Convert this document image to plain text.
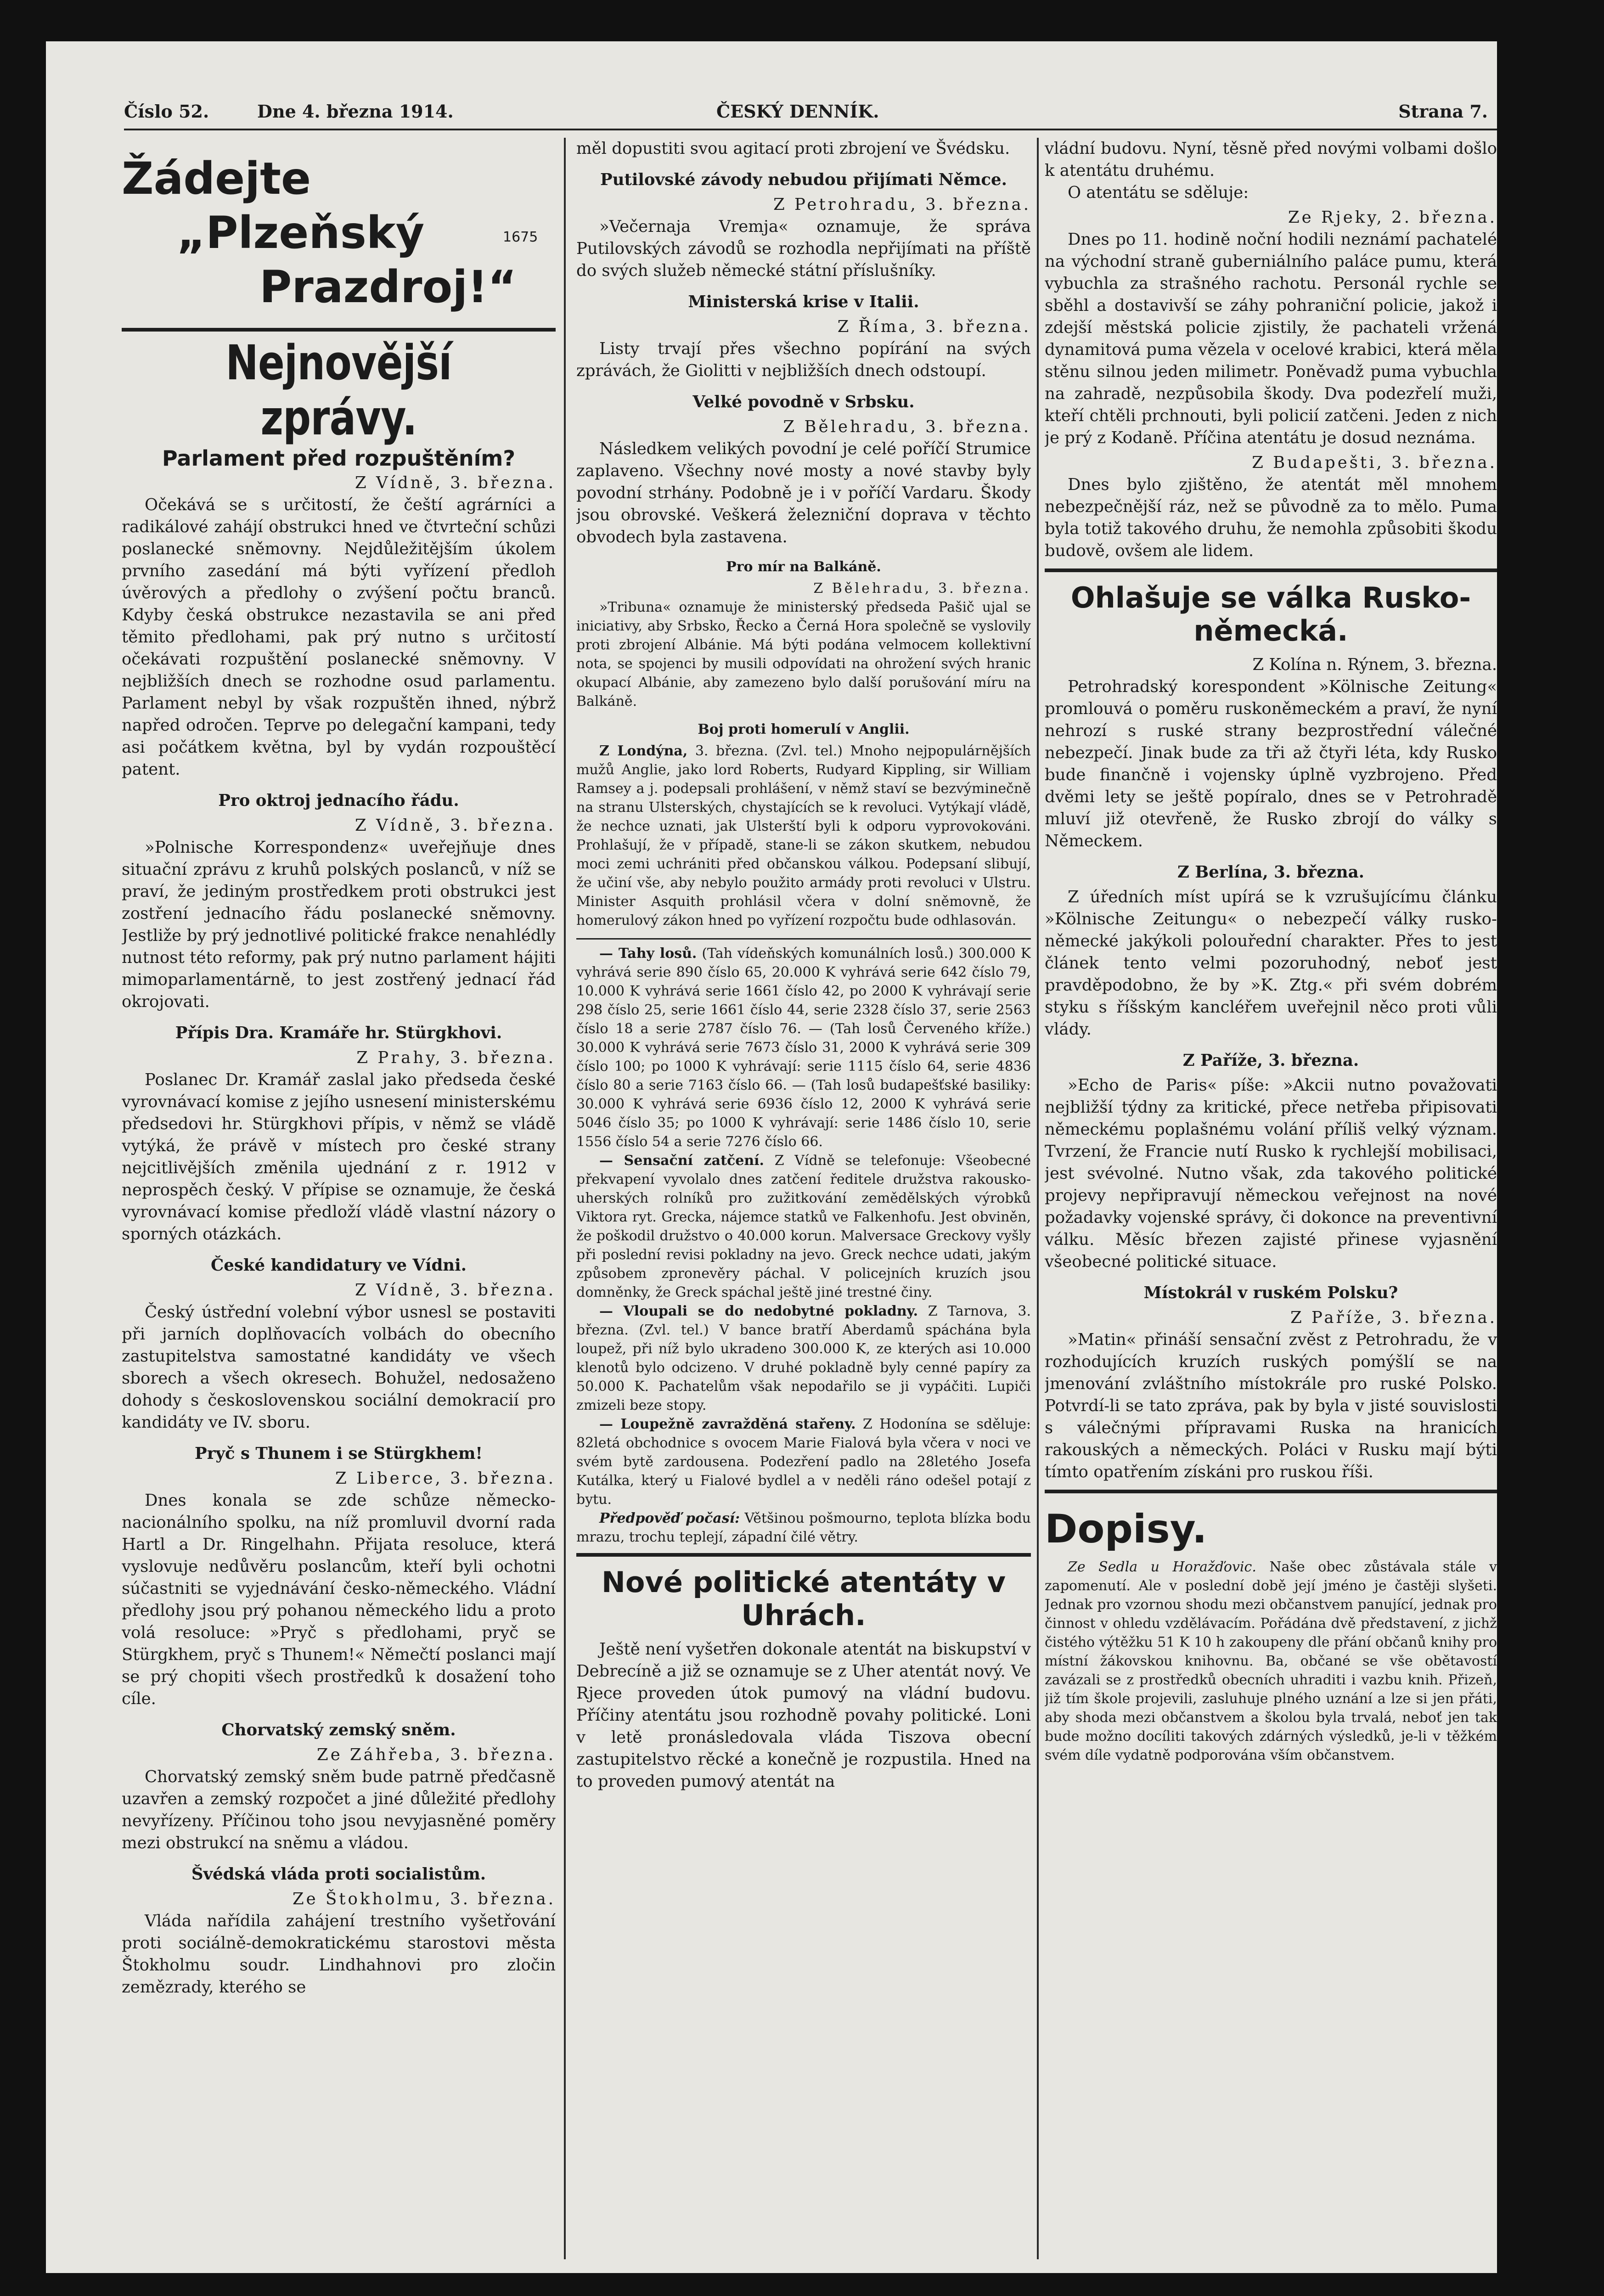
Číslo 52.	Dne 4. března 1914.	ČESKÝ DENNÍK.	Strana 7.
Žádejte
„Plzeňský
Prazdroj!“
1675
Nejnovější zprávy.
Parlament před rozpuštěním?

Z Vídně, 3. března.

Očekává se s určitostí, že čeští agrárníci a radikálové zahájí obstrukci hned ve čtvrteční schůzi poslanecké sněmovny. Nejdůležitějším úkolem prvního zasedání má býti vyřízení předloh úvěrových a předlohy o zvýšení počtu branců. Kdyby česká obstrukce nezastavila se ani před těmito předlohami, pak prý nutno s určitostí očekávati rozpuštění poslanecké sněmovny. V nejbližších dnech se rozhodne osud parlamentu. Parlament nebyl by však rozpuštěn ihned, nýbrž napřed odročen. Teprve po delegační kampani, tedy asi počátkem května, byl by vydán rozpouštěcí patent.

Pro oktroj jednacího řádu.

Z Vídně, 3. března.

»Polnische Korrespondenz« uveřejňuje dnes situační zprávu z kruhů polských poslanců, v níž se praví, že jediným prostředkem proti obstrukci jest zostření jednacího řádu poslanecké sněmovny. Jestliže by prý jednotlivé politické frakce nenahlédly nutnost této reformy, pak prý nutno parlament hájiti mimoparlamentárně, to jest zostřený jednací řád okrojovati.

Přípis Dra. Kramáře hr. Stürgkhovi.

Z Prahy, 3. března.

Poslanec Dr. Kramář zaslal jako předseda české vyrovnávací komise z jejího usnesení ministerskému předsedovi hr. Stürgkhovi přípis, v němž se vládě vytýká, že právě v místech pro české strany nejcitlivějších změnila ujednání z r. 1912 v neprospěch český. V přípise se oznamuje, že česká vyrovnávací komise předloží vládě vlastní názory o sporných otázkách.

České kandidatury ve Vídni.

Z Vídně, 3. března.

Český ústřední volební výbor usnesl se postaviti při jarních doplňovacích volbách do obecního zastupitelstva samostatné kandidáty ve všech sborech a všech okresech. Bohužel, nedosaženo dohody s československou sociální demokracií pro kandidáty ve IV. sboru.

Pryč s Thunem i se Stürgkhem!

Z Liberce, 3. března.

Dnes konala se zde schůze německo-nacionálního spolku, na níž promluvil dvorní rada Hartl a Dr. Ringelhahn. Přijata resoluce, která vyslovuje nedůvěru poslancům, kteří byli ochotni súčastniti se vyjednávání česko-německého. Vládní předlohy jsou prý pohanou německého lidu a proto volá resoluce: »Pryč s předlohami, pryč se Stürgkhem, pryč s Thunem!« Němečtí poslanci mají se prý chopiti všech prostředků k dosažení toho cíle.

Chorvatský zemský sněm.

Ze Záhřeba, 3. března.

Chorvatský zemský sněm bude patrně předčasně uzavřen a zemský rozpočet a jiné důležité předlohy nevyřízeny. Příčinou toho jsou nevyjasněné poměry mezi obstrukcí na sněmu a vládou.

Švédská vláda proti socialistům.

Ze Štokholmu, 3. března.

Vláda nařídila zahájení trestního vyšetřování proti sociálně-demokratickému starostovi města Štokholmu soudr. Lindhahnovi pro zločin zemězrady, kterého se

měl dopustiti svou agitací proti zbrojení ve Švédsku.

Putilovské závody nebudou přijímati Němce.

Z Petrohradu, 3. března.

»Večernaja Vremja« oznamuje, že správa Putilovských závodů se rozhodla nepřijímati na příště do svých služeb německé státní příslušníky.

Ministerská krise v Italii.

Z Říma, 3. března.

Listy trvají přes všechno popírání na svých zprávách, že Giolitti v nejbližších dnech odstoupí.

Velké povodně v Srbsku.

Z Bělehradu, 3. března.

Následkem velikých povodní je celé poříčí Strumice zaplaveno. Všechny nové mosty a nové stavby byly povodní strhány. Podobně je i v poříčí Vardaru. Škody jsou obrovské. Veškerá železniční doprava v těchto obvodech byla zastavena.

Pro mír na Balkáně.

Z Bělehradu, 3. března.

»Tribuna« oznamuje že ministerský předseda Pašič ujal se iniciativy, aby Srbsko, Řecko a Černá Hora společně se vyslovily proti zbrojení Albánie. Má býti podána velmocem kollektivní nota, se spojenci by musili odpovídati na ohrožení svých hranic okupací Albánie, aby zamezeno bylo další porušování míru na Balkáně.

Boj proti homerulí v Anglii.

Z Londýna, 3. března. (Zvl. tel.) Mnoho nejpopulárnějších mužů Anglie, jako lord Roberts, Rudyard Kippling, sir William Ramsey a j. podepsali prohlášení, v němž staví se bezvýminečně na stranu Ulsterských, chystajících se k revoluci. Vytýkají vládě, že nechce uznati, jak Ulsterští byli k odporu vyprovokováni. Prohlašují, že v případě, stane-li se zákon skutkem, nebudou moci zemi uchrániti před občanskou válkou. Podepsaní slibují, že učiní vše, aby nebylo použito armády proti revoluci v Ulstru. Minister Asquith prohlásil včera v dolní sněmovně, že homerulový zákon hned po vyřízení rozpočtu bude odhlasován.

— Tahy losů. (Tah vídeňských komunálních losů.) 300.000 K vyhrává serie 890 číslo 65, 20.000 K vyhrává serie 642 číslo 79, 10.000 K vyhrává serie 1661 číslo 42, po 2000 K vyhrávají serie 298 číslo 25, serie 1661 číslo 44, serie 2328 číslo 37, serie 2563 číslo 18 a serie 2787 číslo 76. — (Tah losů Červeného kříže.) 30.000 K vyhrává serie 7673 číslo 31, 2000 K vyhrává serie 309 číslo 100; po 1000 K vyhrávají: serie 1115 číslo 64, serie 4836 číslo 80 a serie 7163 číslo 66. — (Tah losů budapešťské basiliky: 30.000 K vyhrává serie 6936 číslo 12, 2000 K vyhrává serie 5046 číslo 35; po 1000 K vyhrávají: serie 1486 číslo 10, serie 1556 číslo 54 a serie 7276 číslo 66.

— Sensační zatčení. Z Vídně se telefonuje: Všeobecné překvapení vyvolalo dnes zatčení ředitele družstva rakousko-uherských rolníků pro zužitkování zemědělských výrobků Viktora ryt. Grecka, nájemce statků ve Falkenhofu. Jest obviněn, že poškodil družstvo o 40.000 korun. Malversace Greckovy vyšly při poslední revisi pokladny na jevo. Greck nechce udati, jakým způsobem zpronevěry páchal. V policejních kruzích jsou domněnky, že Greck spáchal ještě jiné trestné činy.

— Vloupali se do nedobytné pokladny. Z Tarnova, 3. března. (Zvl. tel.) V bance bratří Aberdamů spáchána byla loupež, při níž bylo ukradeno 300.000 K, ze kterých asi 10.000 klenotů bylo odcizeno. V druhé pokladně byly cenné papíry za 50.000 K. Pachatelům však nepodařilo se ji vypáčiti. Lupiči zmizeli beze stopy.

— Loupežně zavražděná stařeny. Z Hodonína se sděluje: 82letá obchodnice s ovocem Marie Fialová byla včera v noci ve svém bytě zardousena. Podezření padlo na 28letého Josefa Kutálka, který u Fialové bydlel a v neděli ráno odešel potají z bytu.

Předpověď počasí: Většinou pošmourno, teplota blízka bodu mrazu, trochu teplejí, západní čilé větry.

Nové politické atentáty v Uhrách.

Ještě není vyšetřen dokonale atentát na biskupství v Debrecíně a již se oznamuje se z Uher atentát nový. Ve Rjece proveden útok pumový na vládní budovu. Příčiny atentátu jsou rozhodně povahy politické. Loni v letě pronásledovala vláda Tiszova obecní zastupitelstvo rěcké a konečně je rozpustila. Hned na to proveden pumový atentát na

vládní budovu. Nyní, těsně před novými volbami došlo k atentátu druhému.

O atentátu se sděluje:

Ze Rjeky, 2. března.

Dnes po 11. hodině noční hodili neznámí pachatelé na východní straně guberniálního paláce pumu, která vybuchla za strašného rachotu. Personál rychle se sběhl a dostavivší se záhy pohraniční policie, jakož i zdejší městská policie zjistily, že pachateli vržená dynamitová puma vězela v ocelové krabici, která měla stěnu silnou jeden milimetr. Poněvadž puma vybuchla na zahradě, nezpůsobila škody. Dva podezřelí muži, kteří chtěli prchnouti, byli policií zatčeni. Jeden z nich je prý z Kodaně. Příčina atentátu je dosud neznáma.

Z Budapešti, 3. března.

Dnes bylo zjištěno, že atentát měl mnohem nebezpečnější ráz, než se původně za to mělo. Puma byla totiž takového druhu, že nemohla způsobiti škodu budově, ovšem ale lidem.

Ohlašuje se válka Rusko-německá.

Z Kolína n. Rýnem, 3. března.

Petrohradský korespondent »Kölnische Zeitung« promlouvá o poměru ruskoněmeckém a praví, že nyní nehrozí s ruské strany bezprostřední válečné nebezpečí. Jinak bude za tři až čtyři léta, kdy Rusko bude finančně i vojensky úplně vyzbrojeno. Před dvěmi lety se ještě popíralo, dnes se v Petrohradě mluví již otevřeně, že Rusko zbrojí do války s Německem.

Z Berlína, 3. března.

Z úředních míst upírá se k vzrušujícímu článku »Kölnische Zeitungu« o nebezpečí války rusko-německé jakýkoli polouřední charakter. Přes to jest článek tento velmi pozoruhodný, neboť jest pravděpodobno, že by »K. Ztg.« při svém dobrém styku s říšským kancléřem uveřejnil něco proti vůli vlády.

Z Paříže, 3. března.

»Echo de Paris« píše: »Akcii nutno považovati nejbližší týdny za kritické, přece netřeba připisovati německému poplašnému volání příliš velký význam. Tvrzení, že Francie nutí Rusko k rychlejší mobilisaci, jest svévolné. Nutno však, zda takového politické projevy nepřipravují německou veřejnost na nové požadavky vojenské správy, či dokonce na preventivní válku. Měsíc březen zajisté přinese vyjasnění všeobecné politické situace.

Místokrál v ruském Polsku?

Z Paříže, 3. března.

»Matin« přináší sensační zvěst z Petrohradu, že v rozhodujících kruzích ruských pomýšlí se na jmenování zvláštního místokrále pro ruské Polsko. Potvrdí-li se tato zpráva, pak by byla v jisté souvislosti s válečnými přípravami Ruska na hranicích rakouských a německých. Poláci v Rusku mají býti tímto opatřením získáni pro ruskou říši.

Dopisy.

Ze Sedla u Horažďovic. Naše obec zůstávala stále v zapomenutí. Ale v poslední době její jméno je častěji slyšeti. Jednak pro vzornou shodu mezi občanstvem panující, jednak pro činnost v ohledu vzdělávacím. Pořádána dvě představení, z jichž čistého výtěžku 51 K 10 h zakoupeny dle přání občanů knihy pro místní žákovskou knihovnu. Ba, občané se vše obětavostí zavázali se z prostředků obecních uhraditi i vazbu knih. Přizeň, již tím škole projevili, zasluhuje plného uznání a lze si jen přáti, aby shoda mezi občanstvem a školou byla trvalá, neboť jen tak bude možno docíliti takových zdárných výsledků, je-li v těžkém svém díle vydatně podporována vším občanstvem.
